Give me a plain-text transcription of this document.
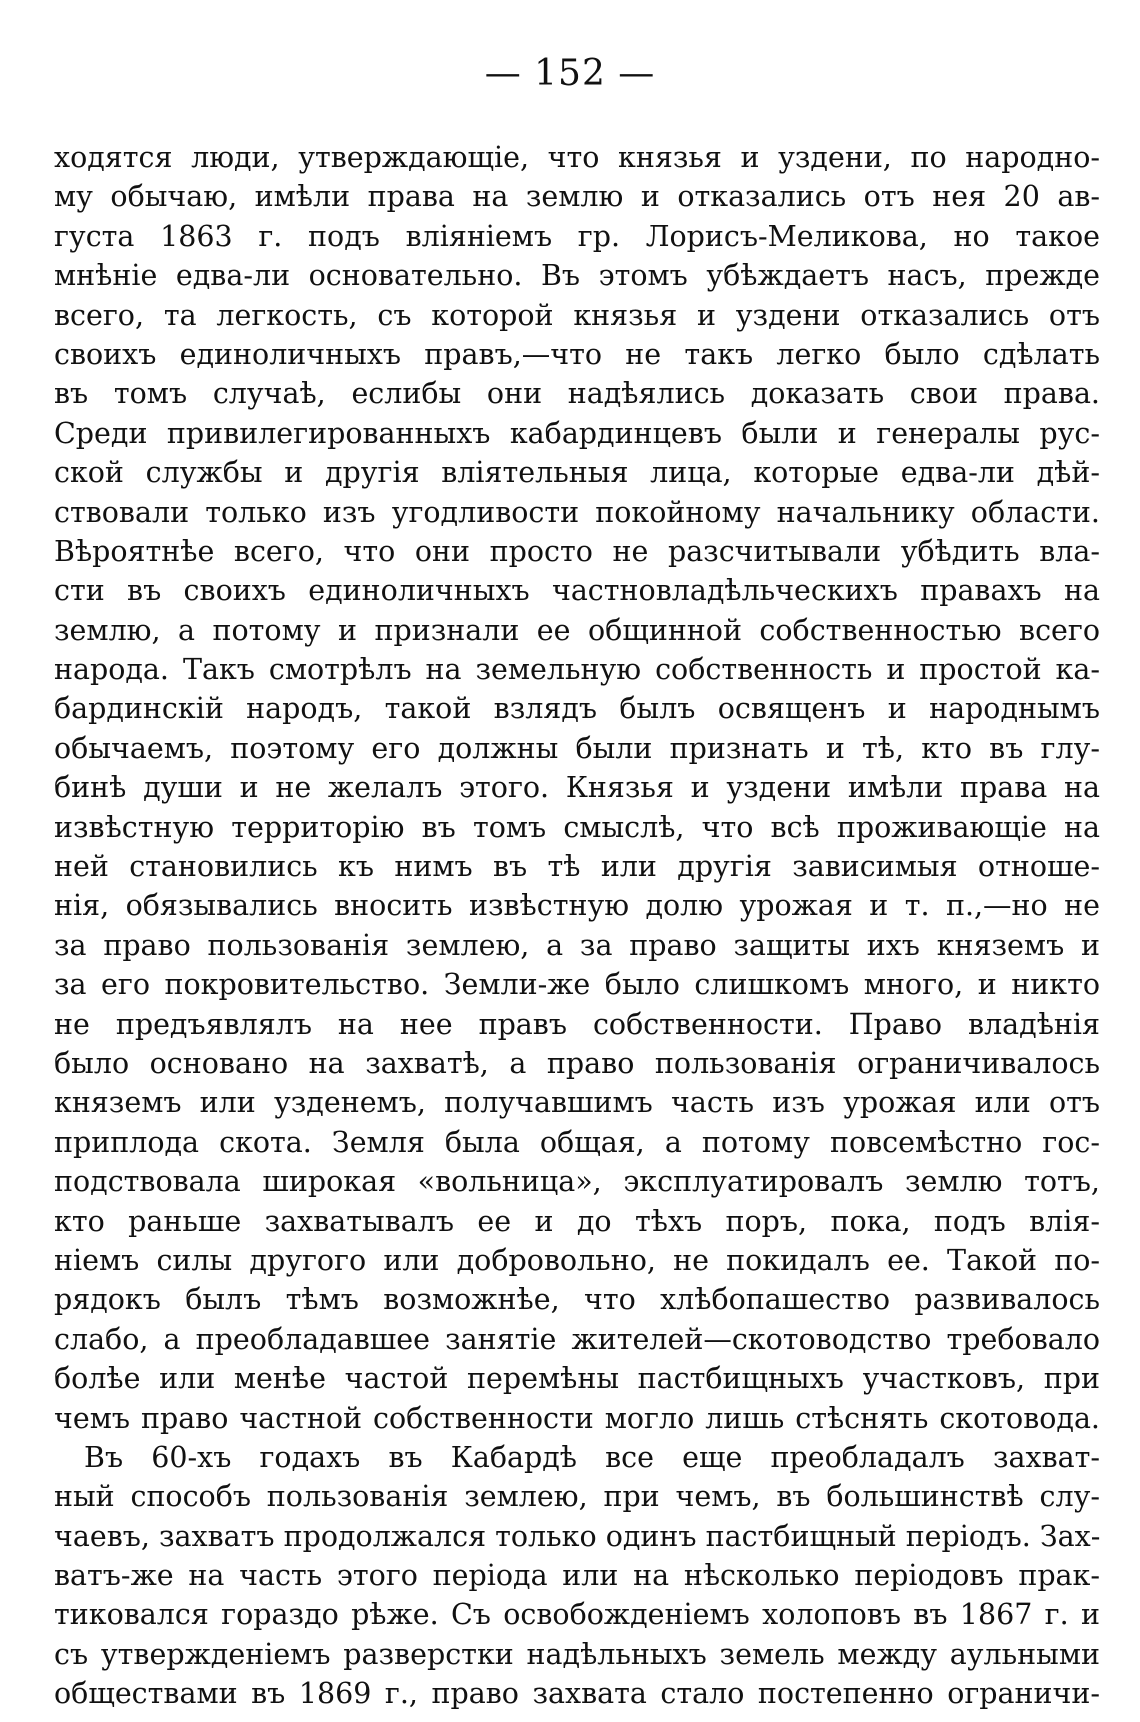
— 152 —
ходятся люди, утверждающіе, что князья и уздени, по народно-
му обычаю, имѣли права на землю и отказались отъ нея 20 ав-
густа 1863 г. подъ вліяніемъ гр. Лорисъ-Меликова, но такое
мнѣніе едва-ли основательно. Въ этомъ убѣждаетъ насъ, прежде
всего, та легкость, съ которой князья и уздени отказались отъ
своихъ единоличныхъ правъ,—что не такъ легко было сдѣлать
въ томъ случаѣ, еслибы они надѣялись доказать свои права.
Среди привилегированныхъ кабардинцевъ были и генералы рус-
ской службы и другія вліятельныя лица, которые едва-ли дѣй-
ствовали только изъ угодливости покойному начальнику области.
Вѣроятнѣе всего, что они просто не разсчитывали убѣдить вла-
сти въ своихъ единоличныхъ частновладѣльческихъ правахъ на
землю, а потому и признали ее общинной собственностью всего
народа. Такъ смотрѣлъ на земельную собственность и простой ка-
бардинскій народъ, такой взлядъ былъ освященъ и народнымъ
обычаемъ, поэтому его должны были признать и тѣ, кто въ глу-
бинѣ души и не желалъ этого. Князья и уздени имѣли права на
извѣстную территорію въ томъ смыслѣ, что всѣ проживающіе на
ней становились къ нимъ въ тѣ или другія зависимыя отноше-
нія, обязывались вносить извѣстную долю урожая и т. п.,—но не
за право пользованія землею, а за право защиты ихъ княземъ и
за его покровительство. Земли-же было слишкомъ много, и никто
не предъявлялъ на нее правъ собственности. Право владѣнія
было основано на захватѣ, а право пользованія ограничивалось
княземъ или узденемъ, получавшимъ часть изъ урожая или отъ
приплода скота. Земля была общая, а потому повсемѣстно гос-
подствовала широкая «вольница», эксплуатировалъ землю тотъ,
кто раньше захватывалъ ее и до тѣхъ поръ, пока, подъ влія-
ніемъ силы другого или добровольно, не покидалъ ее. Такой по-
рядокъ былъ тѣмъ возможнѣе, что хлѣбопашество развивалось
слабо, а преобладавшее занятіе жителей—скотоводство требовало
болѣе или менѣе частой перемѣны пастбищныхъ участковъ, при
чемъ право частной собственности могло лишь стѣснять скотовода.
Въ 60-хъ годахъ въ Кабардѣ все еще преобладалъ захват-
ный способъ пользованія землею, при чемъ, въ большинствѣ слу-
чаевъ, захватъ продолжался только одинъ пастбищный періодъ. Зах-
ватъ-же на часть этого періода или на нѣсколько періодовъ прак-
тиковался гораздо рѣже. Съ освобожденіемъ холоповъ въ 1867 г. и
съ утвержденіемъ разверстки надѣльныхъ земель между аульными
обществами въ 1869 г., право захвата стало постепенно ограничи-
